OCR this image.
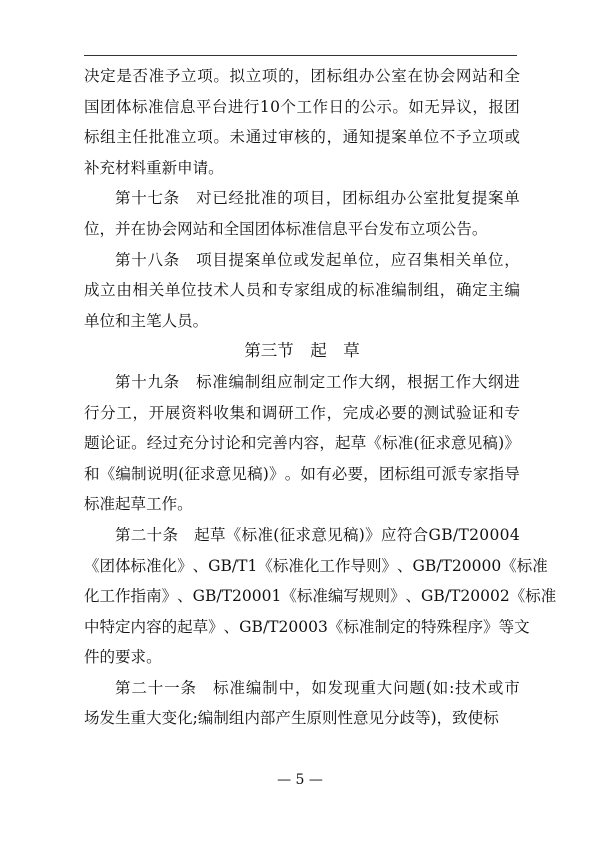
决 定 是 否 准 予 立 项 。 拟 立 项 的 ， 团 标 组 办 公 室 在 协 会 网 站 和 全
国 团 体 标 准 信 息 平 台 进 行 1 0 个 工 作 日 的 公 示 。 如 无 异 议 ， 报 团
标 组 主 任 批 准 立 项 。 未 通 过 审 核 的 ， 通 知 提 案 单 位 不 予 立 项 或
补 充 材 料 重 新 申 请 。
第 十 七 条
　 对 已 经 批 准 的 项 目 ， 团 标 组 办 公 室 批 复 提 案 单
位 ， 并 在 协 会 网 站 和 全 国 团 体 标 准 信 息 平 台 发 布 立 项 公 告 。
第 十 八 条
　 项 目 提 案 单 位 或 发 起 单 位 ， 应 召 集 相 关 单 位 ，
成 立 由 相 关 单 位 技 术 人 员 和 专 家 组 成 的 标 准 编 制 组 ， 确 定 主 编
单 位 和 主 笔 人 员 。
第三节　起　草
第 十 九 条
　 标 准 编 制 组 应 制 定 工 作 大 纲 ， 根 据 工 作 大 纲 进
行 分 工 ， 开 展 资 料 收 集 和 调 研 工 作 ， 完 成 必 要 的 测 试 验 证 和 专
题 论 证 。 经 过 充 分 讨 论 和 完 善 内 容 ， 起 草 《 标 准 ( 征 求 意 见 稿 ) 》
和 《 编 制 说 明 ( 征 求 意 见 稿 ) 》 。 如 有 必 要 ， 团 标 组 可 派 专 家 指 导
标 准 起 草 工 作 。
第 二 十 条
　 起 草 《 标 准 ( 征 求 意 见 稿 ) 》 应 符 合 G B / T 2 0 0 0 4
《 团 体 标 准 化 》 、 G B / T 1 《 标 准 化 工 作 导 则 》 、 G B / T 2 0 0 0 0 《 标 准
化 工 作 指 南 》 、 G B / T 2 0 0 0 1 《 标 准 编 写 规 则 》 、 G B / T 2 0 0 0 2 《 标 准
中 特 定 内 容 的 起 草 》 、 G B / T 2 0 0 0 3 《 标 准 制 定 的 特 殊 程 序 》 等 文
件 的 要 求 。
第 二 十 一 条
　 标 准 编 制 中 ， 如 发 现 重 大 问 题 ( 如 : 技 术 或 市
场 发 生 重 大 变 化 ; 编 制 组 内 部 产 生 原 则 性 意 见 分 歧 等 ) ， 致 使 标
— 5 —
